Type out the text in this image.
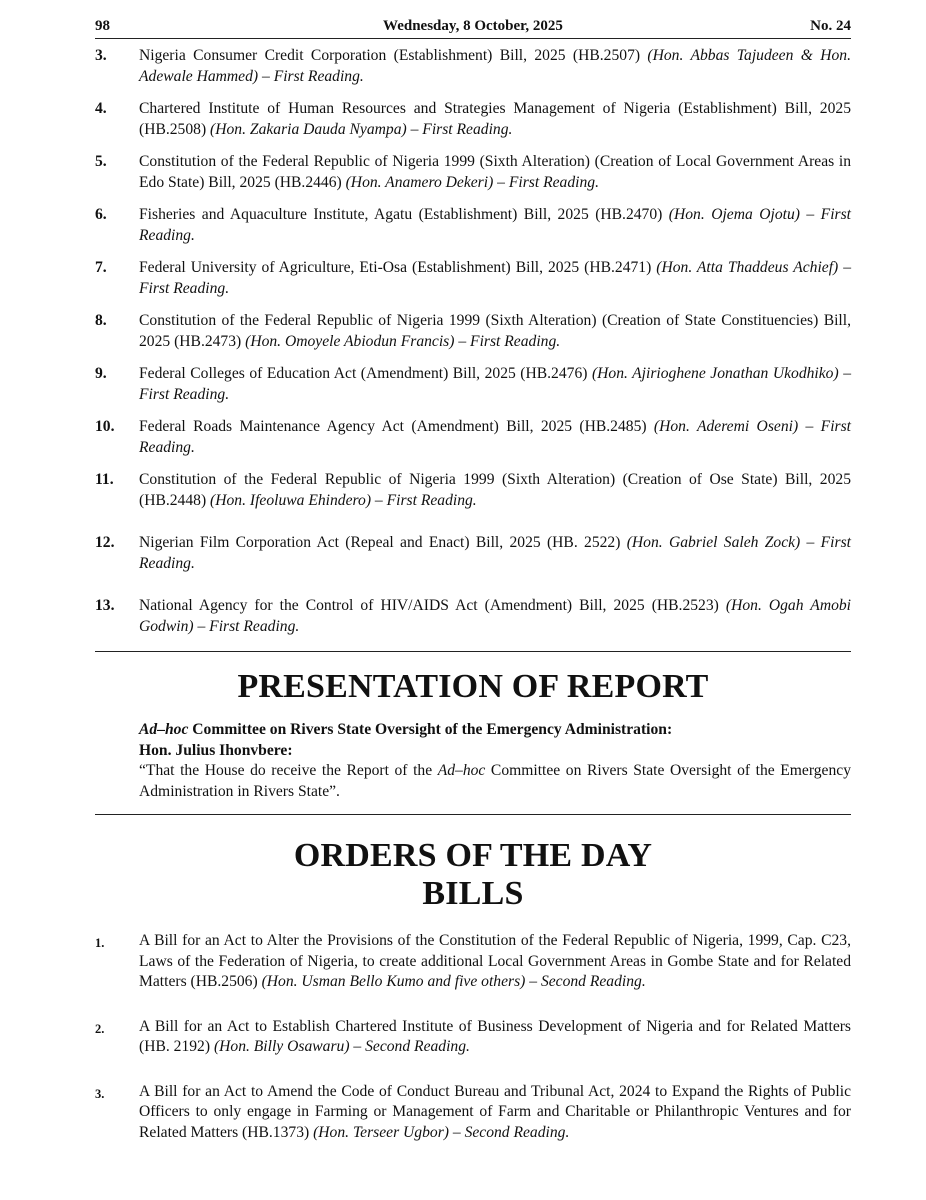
98	Wednesday, 8 October, 2025	No. 24
3.	Nigeria Consumer Credit Corporation (Establishment) Bill, 2025 (HB.2507) (Hon. Abbas Tajudeen & Hon. Adewale Hammed) – First Reading.
4.	Chartered Institute of Human Resources and Strategies Management of Nigeria (Establishment) Bill, 2025 (HB.2508) (Hon. Zakaria Dauda Nyampa) – First Reading.
5.	Constitution of the Federal Republic of Nigeria 1999 (Sixth Alteration) (Creation of Local Government Areas in Edo State) Bill, 2025 (HB.2446) (Hon. Anamero Dekeri) – First Reading.
6.	Fisheries and Aquaculture Institute, Agatu (Establishment) Bill, 2025 (HB.2470) (Hon. Ojema Ojotu) – First Reading.
7.	Federal University of Agriculture, Eti-Osa (Establishment) Bill, 2025 (HB.2471) (Hon. Atta Thaddeus Achief) – First Reading.
8.	Constitution of the Federal Republic of Nigeria 1999 (Sixth Alteration) (Creation of State Constituencies) Bill, 2025 (HB.2473) (Hon. Omoyele Abiodun Francis) – First Reading.
9.	Federal Colleges of Education Act (Amendment) Bill, 2025 (HB.2476) (Hon. Ajirioghene Jonathan Ukodhiko) – First Reading.
10.	Federal Roads Maintenance Agency Act (Amendment) Bill, 2025 (HB.2485) (Hon. Aderemi Oseni) – First Reading.
11.	Constitution of the Federal Republic of Nigeria 1999 (Sixth Alteration) (Creation of Ose State) Bill, 2025 (HB.2448) (Hon. Ifeoluwa Ehindero) – First Reading.
12.	Nigerian Film Corporation Act (Repeal and Enact) Bill, 2025 (HB. 2522) (Hon. Gabriel Saleh Zock) – First Reading.
13.	National Agency for the Control of HIV/AIDS Act (Amendment) Bill, 2025 (HB.2523) (Hon. Ogah Amobi Godwin) – First Reading.
PRESENTATION OF REPORT
Ad–hoc Committee on Rivers State Oversight of the Emergency Administration:
Hon. Julius Ihonvbere:
“That the House do receive the Report of the Ad–hoc Committee on Rivers State Oversight of the Emergency Administration in Rivers State”.
ORDERS OF THE DAY
BILLS
1.	A Bill for an Act to Alter the Provisions of the Constitution of the Federal Republic of Nigeria, 1999, Cap. C23, Laws of the Federation of Nigeria, to create additional Local Government Areas in Gombe State and for Related Matters (HB.2506) (Hon. Usman Bello Kumo and five others) – Second Reading.
2.	A Bill for an Act to Establish Chartered Institute of Business Development of Nigeria and for Related Matters (HB. 2192) (Hon. Billy Osawaru) – Second Reading.
3.	A Bill for an Act to Amend the Code of Conduct Bureau and Tribunal Act, 2024 to Expand the Rights of Public Officers to only engage in Farming or Management of Farm and Charitable or Philanthropic Ventures and for Related Matters (HB.1373) (Hon. Terseer Ugbor) – Second Reading.
